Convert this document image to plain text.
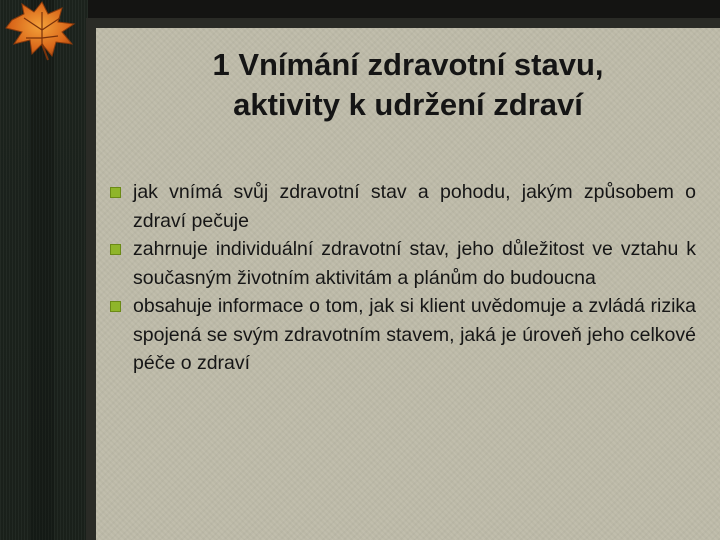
1 Vnímání zdravotní stavu,
aktivity k udržení zdraví
jak vnímá svůj zdravotní stav a pohodu, jakým způsobem o zdraví pečuje
zahrnuje individuální zdravotní stav, jeho důležitost ve vztahu k současným životním aktivitám a plánům do budoucna
obsahuje informace o tom, jak si klient uvědomuje a zvládá rizika spojená se svým zdravotním stavem, jaká je úroveň jeho celkové péče o zdraví
